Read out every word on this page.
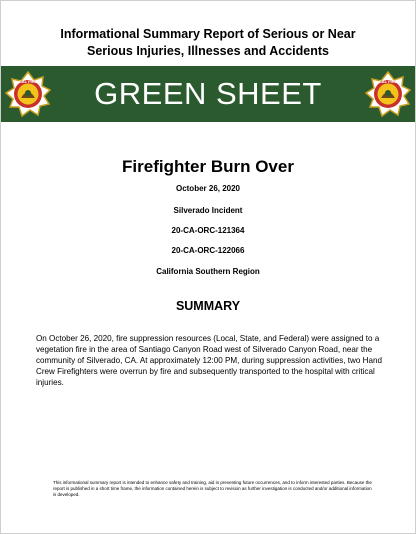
Informational Summary Report of Serious or Near
Serious Injuries, Illnesses and Accidents
CAL FIRE	GREEN SHEET	CAL FIRE
Firefighter Burn Over
October 26, 2020
Silverado Incident
20-CA-ORC-121364
20-CA-ORC-122066
California Southern Region
SUMMARY

On October 26, 2020, fire suppression resources (Local, State, and Federal) were assigned to a vegetation fire in the area of Santiago Canyon Road west of Silverado Canyon Road, near the community of Silverado, CA. At approximately 12:00 PM, during suppression activities, two Hand Crew Firefighters were overrun by fire and subsequently transported to the hospital with critical injuries.

This informational summary report is intended to enhance safety and training, aid in preventing future occurrences, and to inform interested parties. Because the report is published in a short time frame, the information contained herein is subject to revision as further investigation is conducted and/or additional information is developed.
